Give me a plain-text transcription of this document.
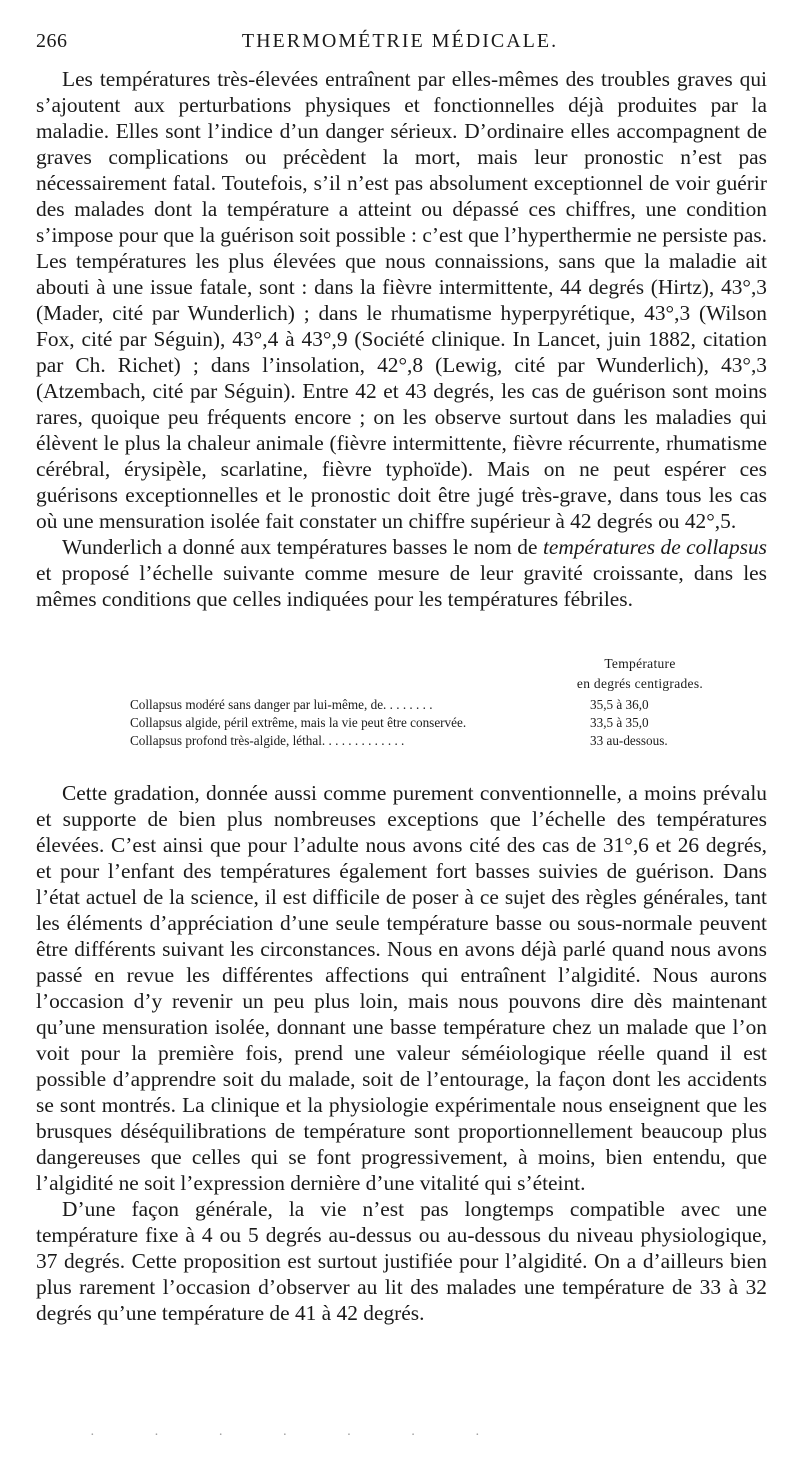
266	THERMOMÉTRIE MÉDICALE.

Les températures très-élevées entraînent par elles-mêmes des troubles graves qui s’ajoutent aux perturbations physiques et fonctionnelles déjà produites par la maladie. Elles sont l’indice d’un danger sérieux. D’ordinaire elles accompagnent de graves complications ou précèdent la mort, mais leur pronostic n’est pas nécessairement fatal. Toutefois, s’il n’est pas absolument exceptionnel de voir guérir des malades dont la température a atteint ou dépassé ces chiffres, une condition s’impose pour que la guérison soit possible : c’est que l’hyperthermie ne persiste pas. Les températures les plus élevées que nous connaissions, sans que la maladie ait abouti à une issue fatale, sont : dans la fièvre intermittente, 44 degrés (Hirtz), 43°,3 (Mader, cité par Wunderlich) ; dans le rhumatisme hyperpyrétique, 43°,3 (Wilson Fox, cité par Séguin), 43°,4 à 43°,9 (Société clinique. In Lancet, juin 1882, citation par Ch. Richet) ; dans l’insolation, 42°,8 (Lewig, cité par Wunderlich), 43°,3 (Atzembach, cité par Séguin). Entre 42 et 43 degrés, les cas de guérison sont moins rares, quoique peu fréquents encore ; on les observe surtout dans les maladies qui élèvent le plus la chaleur animale (fièvre intermittente, fièvre récurrente, rhumatisme cérébral, érysipèle, scarlatine, fièvre typhoïde). Mais on ne peut espérer ces guérisons exceptionnelles et le pronostic doit être jugé très-grave, dans tous les cas où une mensuration isolée fait constater un chiffre supérieur à 42 degrés ou 42°,5.

Wunderlich a donné aux températures basses le nom de températures de collapsus et proposé l’échelle suivante comme mesure de leur gravité croissante, dans les mêmes conditions que celles indiquées pour les températures fébriles.

Température
en degrés centigrades.
Collapsus modéré sans danger par lui-même, de. . . . . . . .	35,5 à 36,0
Collapsus algide, péril extrême, mais la vie peut être conservée.	33,5 à 35,0
Collapsus profond très-algide, léthal. . . . . . . . . . . . .	33 au-dessous.

Cette gradation, donnée aussi comme purement conventionnelle, a moins prévalu et supporte de bien plus nombreuses exceptions que l’échelle des températures élevées. C’est ainsi que pour l’adulte nous avons cité des cas de 31°,6 et 26 degrés, et pour l’enfant des températures également fort basses suivies de guérison. Dans l’état actuel de la science, il est difficile de poser à ce sujet des règles générales, tant les éléments d’appréciation d’une seule température basse ou sous-normale peuvent être différents suivant les circonstances. Nous en avons déjà parlé quand nous avons passé en revue les différentes affections qui entraînent l’algidité. Nous aurons l’occasion d’y revenir un peu plus loin, mais nous pouvons dire dès maintenant qu’une mensuration isolée, donnant une basse température chez un malade que l’on voit pour la première fois, prend une valeur séméiologique réelle quand il est possible d’apprendre soit du malade, soit de l’entourage, la façon dont les accidents se sont montrés. La clinique et la physiologie expérimentale nous enseignent que les brusques déséquilibrations de température sont proportionnellement beaucoup plus dangereuses que celles qui se font progressivement, à moins, bien entendu, que l’algidité ne soit l’expression dernière d’une vitalité qui s’éteint.

D’une façon générale, la vie n’est pas longtemps compatible avec une température fixe à 4 ou 5 degrés au-dessus ou au-dessous du niveau physiologique, 37 degrés. Cette proposition est surtout justifiée pour l’algidité. On a d’ailleurs bien plus rarement l’occasion d’observer au lit des malades une température de 33 à 32 degrés qu’une température de 41 à 42 degrés.

· · · · · · ·
